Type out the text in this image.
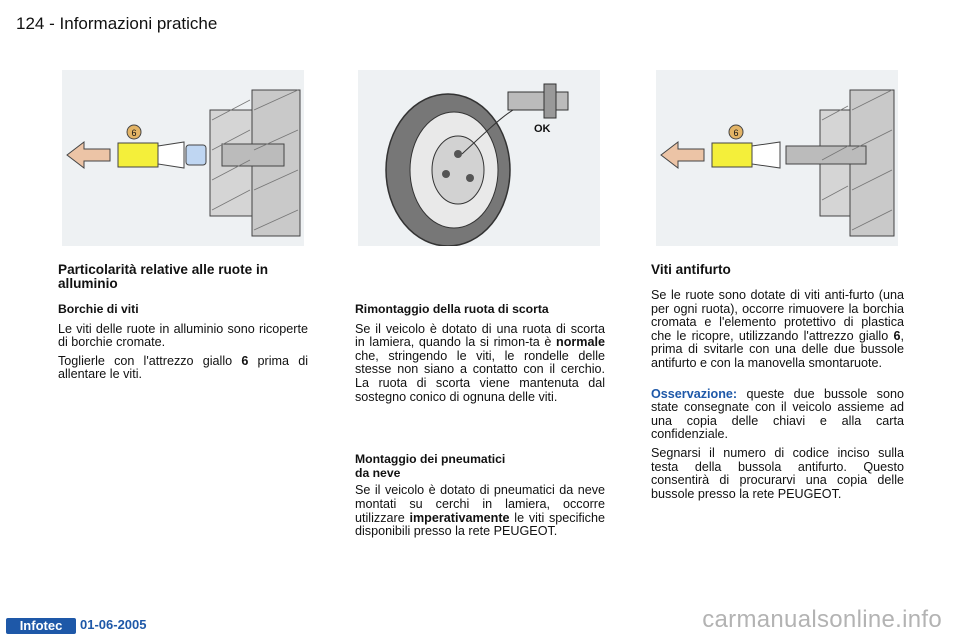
124 - Informazioni pratiche
6	OK	6
Particolarità relative alle ruote in alluminio
Borchie di viti

Le viti delle ruote in alluminio sono ricoperte di borchie cromate.

Toglierle con l'attrezzo giallo 6 prima di allentare le viti.

Rimontaggio della ruota di scorta

Se il veicolo è dotato di una ruota di scorta in lamiera, quando la si rimon-ta è normale che, stringendo le viti, le rondelle delle stesse non siano a contatto con il cerchio. La ruota di scorta viene mantenuta dal sostegno conico di ognuna delle viti.

Montaggio dei pneumatici
da neve

Se il veicolo è dotato di pneumatici da neve montati su cerchi in lamiera, occorre utilizzare imperativamente le viti specifiche disponibili presso la rete PEUGEOT.

Viti antifurto

Se le ruote sono dotate di viti anti-furto (una per ogni ruota), occorre rimuovere la borchia cromata e l'elemento protettivo di plastica che le ricopre, utilizzando l'attrezzo giallo 6, prima di svitarle con una delle due bussole antifurto e con la manovella smontaruote.

Osservazione: queste due bussole sono state consegnate con il veicolo assieme ad una copia delle chiavi e alla carta confidenziale.

Segnarsi il numero di codice inciso sulla testa della bussola antifurto. Questo consentirà di procurarvi una copia delle bussole presso la rete PEUGEOT.

Infotec	01-06-2005	carmanualsonline.info
